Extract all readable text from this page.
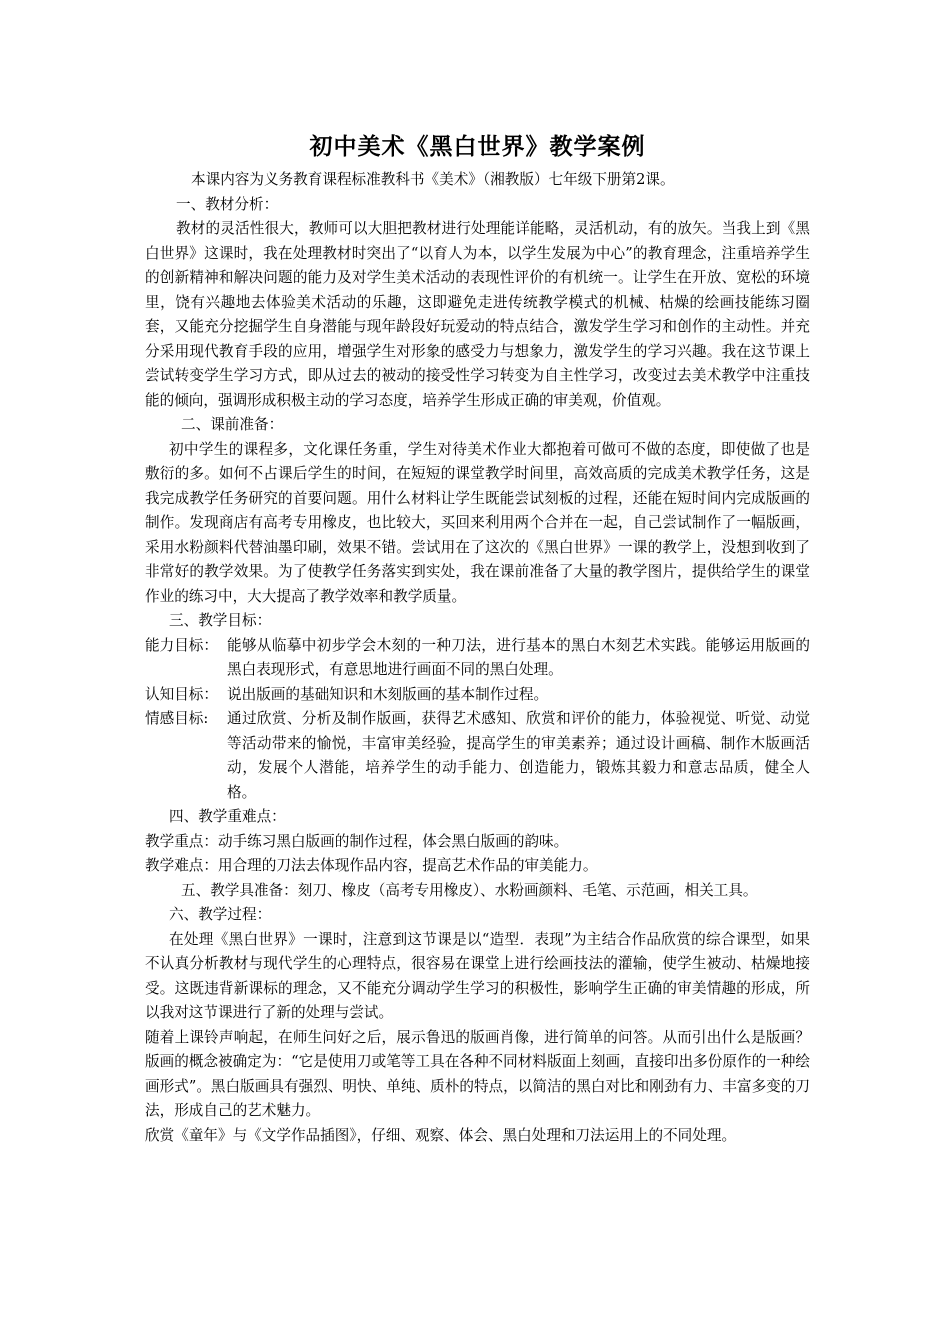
初中美术《黑白世界》教学案例

本课内容为义务教育课程标准教科书《美术》（湘教版）七年级下册第2课。

一、教材分析：

教材的灵活性很大，教师可以大胆把教材进行处理能详能略，灵活机动，有的放矢。当我上到《黑白世界》这课时，我在处理教材时突出了“以育人为本，以学生发展为中心”的教育理念，注重培养学生的创新精神和解决问题的能力及对学生美术活动的表现性评价的有机统一。让学生在开放、宽松的环境里，饶有兴趣地去体验美术活动的乐趣，这即避免走进传统教学模式的机械、枯燥的绘画技能练习圈套，又能充分挖掘学生自身潜能与现年龄段好玩爱动的特点结合，激发学生学习和创作的主动性。并充分采用现代教育手段的应用，增强学生对形象的感受力与想象力，激发学生的学习兴趣。我在这节课上尝试转变学生学习方式，即从过去的被动的接受性学习转变为自主性学习，改变过去美术教学中注重技能的倾向，强调形成积极主动的学习态度，培养学生形成正确的审美观，价值观。

二、课前准备：

初中学生的课程多，文化课任务重，学生对待美术作业大都抱着可做可不做的态度，即使做了也是敷衍的多。如何不占课后学生的时间，在短短的课堂教学时间里，高效高质的完成美术教学任务，这是我完成教学任务研究的首要问题。用什么材料让学生既能尝试刻板的过程，还能在短时间内完成版画的制作。发现商店有高考专用橡皮，也比较大，买回来利用两个合并在一起，自己尝试制作了一幅版画，采用水粉颜料代替油墨印刷，效果不错。尝试用在了这次的《黑白世界》一课的教学上，没想到收到了非常好的教学效果。为了使教学任务落实到实处，我在课前准备了大量的教学图片，提供给学生的课堂作业的练习中，大大提高了教学效率和教学质量。

三、教学目标：

能力目标： 能够从临摹中初步学会木刻的一种刀法，进行基本的黑白木刻艺术实践。能够运用版画的黑白表现形式，有意思地进行画面不同的黑白处理。
认知目标： 说出版画的基础知识和木刻版画的基本制作过程。
情感目标:	通过欣赏、分析及制作版画，获得艺术感知、欣赏和评价的能力，体验视觉、听觉、动觉等活动带来的愉悦，丰富审美经验，提高学生的审美素养；通过设计画稿、制作木版画活动，发展个人潜能，培养学生的动手能力、创造能力，锻炼其毅力和意志品质，健全人格。

四、教学重难点：

教学重点：动手练习黑白版画的制作过程，体会黑白版画的韵味。

教学难点：用合理的刀法去体现作品内容，提高艺术作品的审美能力。

五、教学具准备：刻刀、橡皮（高考专用橡皮）、水粉画颜料、毛笔、示范画，相关工具。

六、教学过程：

在处理《黑白世界》一课时，注意到这节课是以“造型．表现”为主结合作品欣赏的综合课型，如果不认真分析教材与现代学生的心理特点，很容易在课堂上进行绘画技法的灌输，使学生被动、枯燥地接受。这既违背新课标的理念，又不能充分调动学生学习的积极性，影响学生正确的审美情趣的形成，所以我对这节课进行了新的处理与尝试。

随着上课铃声响起，在师生问好之后，展示鲁迅的版画肖像，进行简单的问答。从而引出什么是版画？版画的概念被确定为：“它是使用刀或笔等工具在各种不同材料版面上刻画，直接印出多份原作的一种绘画形式”。黑白版画具有强烈、明快、单纯、质朴的特点，以简洁的黑白对比和刚劲有力、丰富多变的刀法，形成自己的艺术魅力。

欣赏《童年》与《文学作品插图》，仔细、观察、体会、黑白处理和刀法运用上的不同处理。
